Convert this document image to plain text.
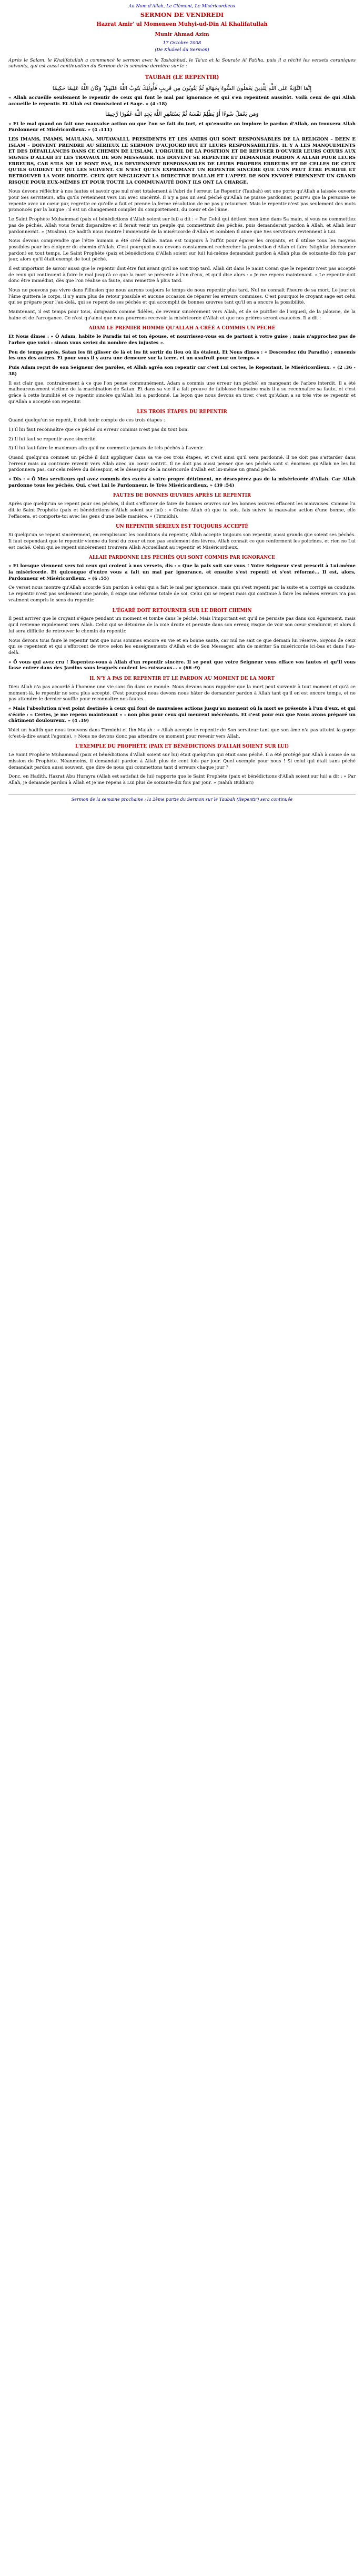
Au Nom d'Allah, Le Clément, Le Miséricordieux
SERMON DE VENDREDI
Hazrat Amir' ul Momeneen Muhyi-ud-Din Al Khalifatullah
Munir Ahmad Azim
17 Octobre 2008
(De Khaleel du Sermon)

Après le Salam, le Khalifatullah a commencé le sermon avec le Tashahhud, le Ta'uz et la Sourate Al Fatiha, puis il a récité les versets coraniques suivants, qui est aussi continuation du Sermon de la semaine dernière sur le :

TAUBAH (LE REPENTIR)
إِنَّمَا التَّوْبَةُ عَلَى اللَّهِ لِلَّذِينَ يَعْمَلُونَ السُّوءَ بِجَهَالَةٍ ثُمَّ يَتُوبُونَ مِن قَرِيبٍ فَأُولَٰئِكَ يَتُوبُ اللَّهُ عَلَيْهِمْ ۗ وَكَانَ اللَّهُ عَلِيمًا حَكِيمًا

« Allah accueille seulement le repentir de ceux qui font le mal par ignorance et qui s'en repentent aussitôt. Voilà ceux de qui Allah accueille le repentir. Et Allah est Omniscient et Sage. » (4 :18)

وَمَن يَعْمَلْ سُوءًا أَوْ يَظْلِمْ نَفْسَهُ ثُمَّ يَسْتَغْفِرِ اللَّهَ يَجِدِ اللَّهَ غَفُورًا رَّحِيمًا

« Et le mal quand on fait une mauvaise action ou que l'on se fait du tort, et qu'ensuite on implore le pardon d'Allah, on trouvera Allah Pardonneur et Miséricordieux. » (4 :111)

LES IMAMS, IMAMS, MAULANA, MUTAWALLI, PRESIDENTS ET LES AMIRS QUI SONT RESPONSABLES DE LA RELIGION – DEEN E ISLAM – DOIVENT PRENDRE AU SÉRIEUX LE SERMON D'AUJOURD'HUI ET LEURS RESPONSABILITÉS. IL Y A LES MANQUEMENTS ET DES DÉFAILLANCES DANS CE CHEMIN DE L'ISLAM, L'ORGUEIL DE LA POSITION ET DE REFUSER D'OUVRIR LEURS CŒURS AUX SIGNES D'ALLAH ET LES TRAVAUX DE SON MESSAGER. ILS DOIVENT SE REPENTIR ET DEMANDER PARDON À ALLAH POUR LEURS ERREURS, CAR S'ILS NE LE FONT PAS, ILS DEVIENNENT RESPONSABLES DE LEURS PROPRES ERREURS ET DE CELLES DE CEUX QU'ILS GUIDENT ET QUI LES SUIVENT. CE N'EST QU'EN EXPRIMANT UN REPENTIR SINCÈRE QUE L'ON PEUT ÊTRE PURIFIÉ ET RETROUVER LA VOIE DROITE. CEUX QUI NÉGLIGENT LA DIRECTIVE D'ALLAH ET L'APPEL DE SON ENVOYÉ PRENNENT UN GRAND RISQUE POUR EUX-MÊMES ET POUR TOUTE LA COMMUNAUTÉ DONT ILS ONT LA CHARGE.

Nous devons réfléchir à nos fautes et savoir que nul n'est totalement à l'abri de l'erreur. Le Repentir (Taubah) est une porte qu'Allah a laissée ouverte pour Ses serviteurs, afin qu'ils reviennent vers Lui avec sincérité. Il n'y a pas un seul péché qu'Allah ne puisse pardonner, pourvu que la personne se repente avec un cœur pur, regrette ce qu'elle a fait et prenne la ferme résolution de ne pas y retourner. Mais le repentir n'est pas seulement des mots prononcés par la langue ; il est un changement complet du comportement, du cœur et de l'âme.

Le Saint Prophète Muhammad (paix et bénédictions d'Allah soient sur lui) a dit : « Par Celui qui détient mon âme dans Sa main, si vous ne commettiez pas de péchés, Allah vous ferait disparaître et Il ferait venir un peuple qui commettrait des péchés, puis demanderait pardon à Allah, et Allah leur pardonnerait. » (Muslim). Ce hadith nous montre l'immensité de la miséricorde d'Allah et combien Il aime que Ses serviteurs reviennent à Lui.

Nous devons comprendre que l'être humain a été créé faible. Satan est toujours à l'affût pour égarer les croyants, et il utilise tous les moyens possibles pour les éloigner du chemin d'Allah. C'est pourquoi nous devons constamment rechercher la protection d'Allah et faire Istighfar (demander pardon) en tout temps. Le Saint Prophète (paix et bénédictions d'Allah soient sur lui) lui-même demandait pardon à Allah plus de soixante-dix fois par jour, alors qu'il était exempt de tout péché.

Il est important de savoir aussi que le repentir doit être fait avant qu'il ne soit trop tard. Allah dit dans le Saint Coran que le repentir n'est pas accepté de ceux qui continuent à faire le mal jusqu'à ce que la mort se présente à l'un d'eux, et qu'il dise alors : « Je me repens maintenant. » Le repentir doit donc être immédiat, dès que l'on réalise sa faute, sans remettre à plus tard.

Nous ne pouvons pas vivre dans l'illusion que nous aurons toujours le temps de nous repentir plus tard. Nul ne connaît l'heure de sa mort. Le jour où l'âme quittera le corps, il n'y aura plus de retour possible et aucune occasion de réparer les erreurs commises. C'est pourquoi le croyant sage est celui qui se prépare pour l'au-delà, qui se repent de ses péchés et qui accomplit de bonnes œuvres tant qu'il en a encore la possibilité.

Maintenant, il est temps pour tous, dirigeants comme fidèles, de revenir sincèrement vers Allah, et de se purifier de l'orgueil, de la jalousie, de la haine et de l'arrogance. Ce n'est qu'ainsi que nous pourrons recevoir la miséricorde d'Allah et que nos prières seront exaucées. Il a dit :

ADAM LE PREMIER HOMME QU'ALLAH A CRÉÉ A COMMIS UN PÉCHÉ

Et Nous dîmes : « Ô Adam, habite le Paradis toi et ton épouse, et nourrissez-vous en de partout à votre guise ; mais n'approchez pas de l'arbre que voici : sinon vous seriez du nombre des injustes ».

Peu de temps après, Satan les fit glisser de là et les fit sortir du lieu où ils étaient. Et Nous dîmes : « Descendez (du Paradis) ; ennemis les uns des autres. Et pour vous il y aura une demeure sur la terre, et un usufruit pour un temps. »

Puis Adam reçut de son Seigneur des paroles, et Allah agréa son repentir car c'est Lui certes, le Repentant, le Miséricordieux. » (2 :36 - 38)

Il est clair que, contrairement à ce que l'on pense communément, Adam a commis une erreur (un péché) en mangeant de l'arbre interdit. Il a été malheureusement victime de la machination de Satan. Et dans sa vie il a fait preuve de faiblesse humaine mais il a su reconnaître sa faute, et c'est grâce à cette humilité et ce repentir sincère qu'Allah lui a pardonné. La leçon que nous devons en tirer, c'est qu'Adam a su très vite se repentir et qu'Allah a accepté son repentir.

LES TROIS ÉTAPES DU REPENTIR

Quand quelqu'un se repent, il doit tenir compte de ces trois étapes :

1) Il lui faut reconnaître que ce péché ou erreur commis n'est pas du tout bon.

2) Il lui faut se repentir avec sincérité.

3) Il lui faut faire le maximum afin qu'il ne commette jamais de tels péchés à l'avenir.

Quand quelqu'un commet un péché il doit appliquer dans sa vie ces trois étapes, et c'est ainsi qu'il sera pardonné. Il ne doit pas s'attarder dans l'erreur mais au contraire revenir vers Allah avec un cœur contrit. Il ne doit pas aussi penser que ses péchés sont si énormes qu'Allah ne les lui pardonnera pas, car cela relève du désespoir, et le désespoir de la miséricorde d'Allah est lui-même un grand péché.

« Dis : « Ô Mes serviteurs qui avez commis des excès à votre propre détriment, ne désespérez pas de la miséricorde d'Allah. Car Allah pardonne tous les péchés. Oui, c'est Lui le Pardonneur, le Très Miséricordieux. » (39 :54)

FAUTES DE BONNES ŒUVRES APRÈS LE REPENTIR

Après que quelqu'un se repent pour ses péchés, il doit s'efforcer de faire de bonnes œuvres car les bonnes œuvres effacent les mauvaises. Comme l'a dit le Saint Prophète (paix et bénédictions d'Allah soient sur lui) : « Crains Allah où que tu sois, fais suivre la mauvaise action d'une bonne, elle l'effacera, et comporte-toi avec les gens d'une belle manière. » (Tirmidhi).

UN REPENTIR SÉRIEUX EST TOUJOURS ACCEPTÉ

Si quelqu'un se repent sincèrement, en remplissant les conditions du repentir, Allah accepte toujours son repentir, aussi grands que soient ses péchés. Il faut cependant que le repentir vienne du fond du cœur et non pas seulement des lèvres. Allah connaît ce que renferment les poitrines, et rien ne Lui est caché. Celui qui se repent sincèrement trouvera Allah Accueillant au repentir et Miséricordieux.

ALLAH PARDONNE LES PÉCHÉS QUI SONT COMMIS PAR IGNORANCE

« Et lorsque viennent vers toi ceux qui croient à nos versets, dis : « Que la paix soit sur vous ! Votre Seigneur s'est prescrit à Lui-même la miséricorde. Et quiconque d'entre vous a fait un mal par ignorance, et ensuite s'est repenti et s'est réformé... Il est, alors, Pardonneur et Miséricordieux. » (6 :55)

Ce verset nous montre qu'Allah accorde Son pardon à celui qui a fait le mal par ignorance, mais qui s'est repenti par la suite et a corrigé sa conduite. Le repentir n'est pas seulement une parole, il exige une réforme totale de soi. Celui qui se repent mais qui continue à faire les mêmes erreurs n'a pas vraiment compris le sens du repentir.

L'ÉGARÉ DOIT RETOURNER SUR LE DROIT CHEMIN

Il peut arriver que le croyant s'égare pendant un moment et tombe dans le péché. Mais l'important est qu'il ne persiste pas dans son égarement, mais qu'il revienne rapidement vers Allah. Celui qui se détourne de la voie droite et persiste dans son erreur, risque de voir son cœur s'endurcir, et alors il lui sera difficile de retrouver le chemin du repentir.

Nous devons tous faire le repentir tant que nous sommes encore en vie et en bonne santé, car nul ne sait ce que demain lui réserve. Soyons de ceux qui se repentent et qui s'efforcent de vivre selon les enseignements d'Allah et de Son Messager, afin de mériter Sa miséricorde ici-bas et dans l'au-delà.

« Ô vous qui avez cru ! Repentez-vous à Allah d'un repentir sincère. Il se peut que votre Seigneur vous efface vos fautes et qu'Il vous fasse entrer dans des Jardins sous lesquels coulent les ruisseaux... » (66 :9)

IL N'Y A PAS DE REPENTIR ET LE PARDON AU MOMENT DE LA MORT

Dieu Allah n'a pas accordé à l'homme une vie sans fin dans ce monde. Nous devons nous rappeler que la mort peut survenir à tout moment et qu'à ce moment-là, le repentir ne sera plus accepté. C'est pourquoi nous devons nous hâter de demander pardon à Allah tant qu'il en est encore temps, et ne pas attendre le dernier souffle pour reconnaître nos fautes.

« Mais l'absolution n'est point destinée à ceux qui font de mauvaises actions jusqu'au moment où la mort se présente à l'un d'eux, et qui s'écrie : « Certes, je me repens maintenant » - non plus pour ceux qui meurent mécréants. Et c'est pour eux que Nous avons préparé un châtiment douloureux. » (4 :19)

Voici un hadith que nous trouvons dans Tirmidhi et Ibn Majah : « Allah accepte le repentir de Son serviteur tant que son âme n'a pas atteint la gorge (c'est-à-dire avant l'agonie). » Nous ne devons donc pas attendre ce moment pour revenir vers Allah.

L'EXEMPLE DU PROPHÈTE (PAIX ET BÉNÉDICTIONS D'ALLAH SOIENT SUR LUI)

Le Saint Prophète Muhammad (paix et bénédictions d'Allah soient sur lui) était quelqu'un qui était sans péché. Il a été protégé par Allah à cause de sa mission de Prophète. Néanmoins, il demandait pardon à Allah plus de cent fois par jour. Quel exemple pour nous ! Si celui qui était sans péché demandait pardon aussi souvent, que dire de nous qui commettons tant d'erreurs chaque jour ?

Donc, en Hadith, Hazrat Abu Hurayra (Allah est satisfait de lui) rapporte que le Saint Prophète (paix et bénédictions d'Allah soient sur lui) a dit : « Par Allah, je demande pardon à Allah et je me repens à Lui plus de soixante-dix fois par jour. » (Sahih Bukhari)

Sermon de la semaine prochaine : la 2ème partie du Sermon sur le Taubah (Repentir) sera continuée
